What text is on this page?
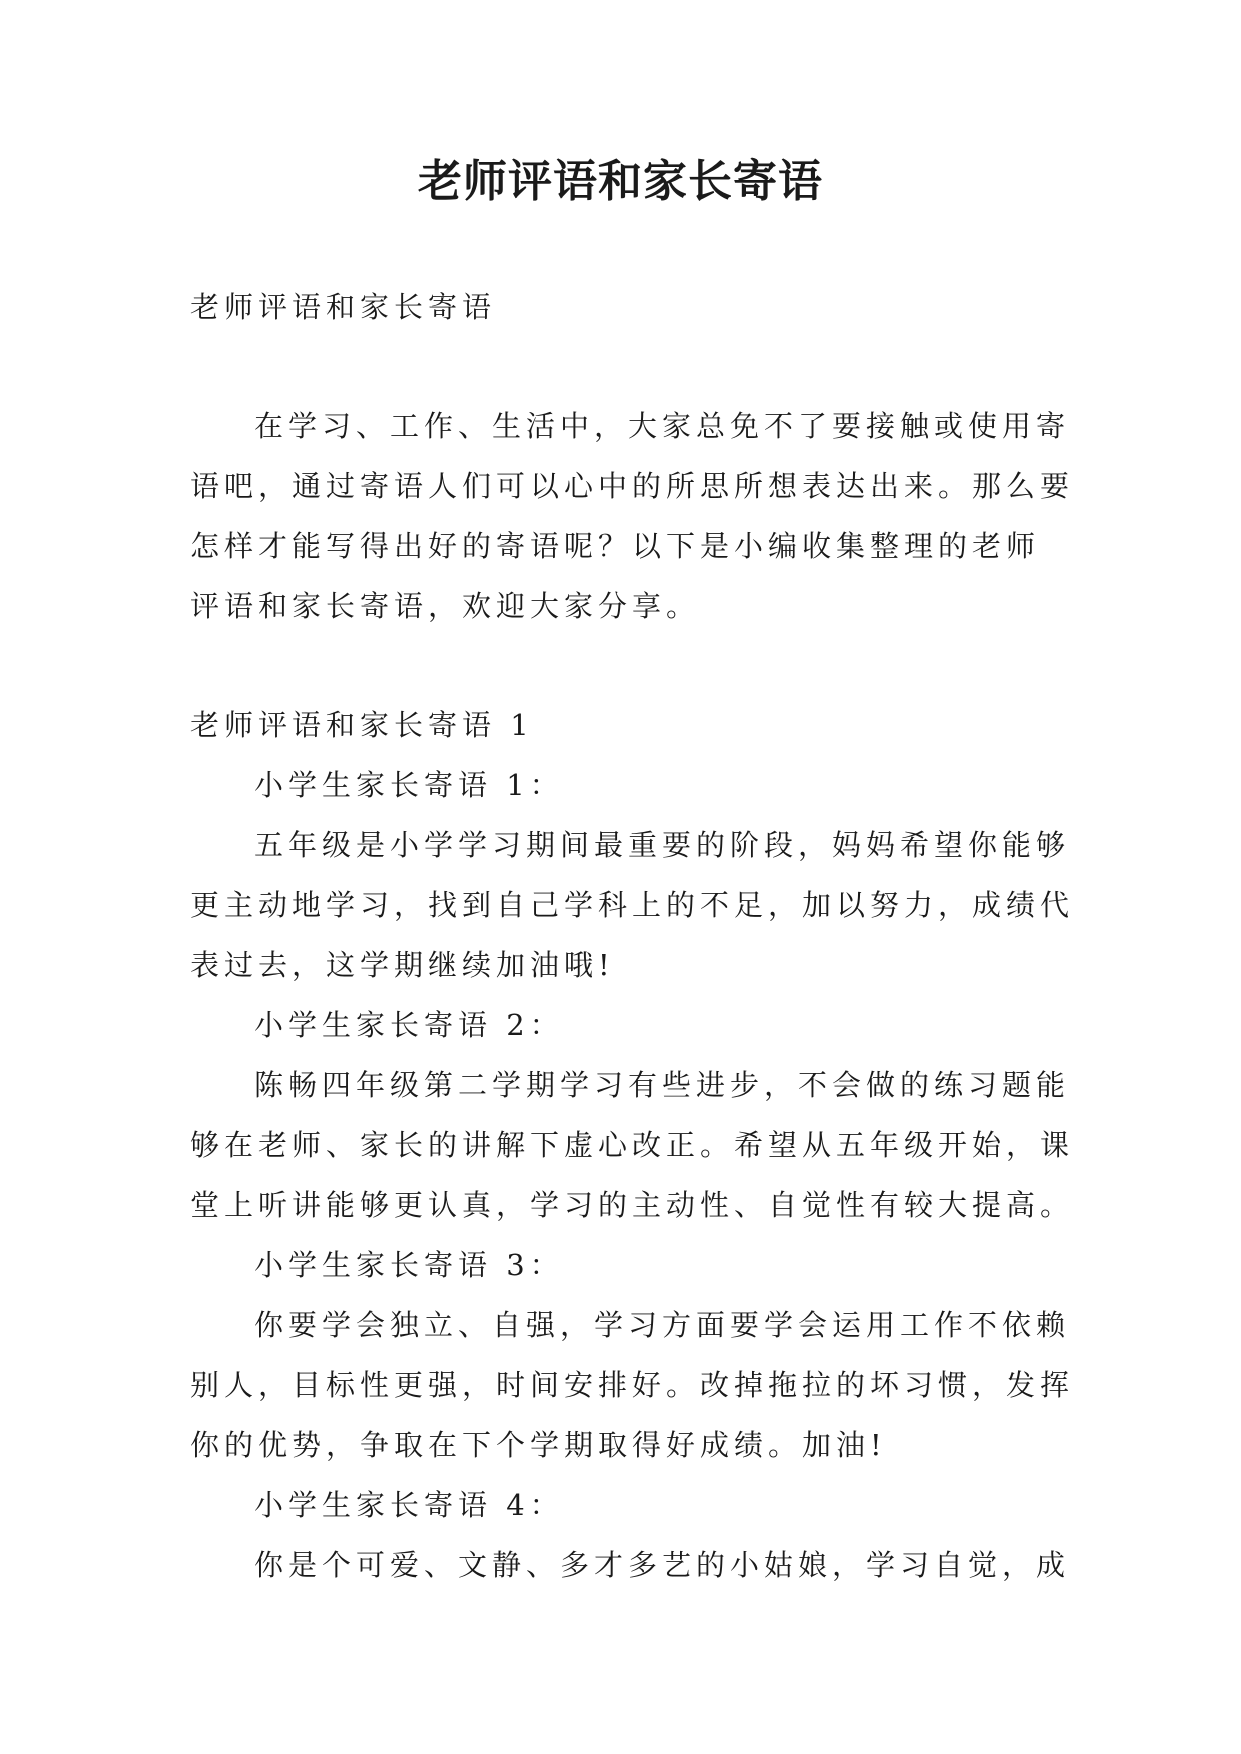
老师评语和家长寄语

老师评语和家长寄语

在学习、工作、生活中，大家总免不了要接触或使用寄

语吧，通过寄语人们可以心中的所思所想表达出来。那么要

怎样才能写得出好的寄语呢？以下是小编收集整理的老师

评语和家长寄语，欢迎大家分享。

老师评语和家长寄语 1

小学生家长寄语 1：

五年级是小学学习期间最重要的阶段，妈妈希望你能够

更主动地学习，找到自己学科上的不足，加以努力，成绩代

表过去，这学期继续加油哦!

小学生家长寄语 2：

陈畅四年级第二学期学习有些进步，不会做的练习题能

够在老师、家长的讲解下虚心改正。希望从五年级开始，课

堂上听讲能够更认真，学习的主动性、自觉性有较大提高。

小学生家长寄语 3：

你要学会独立、自强，学习方面要学会运用工作不依赖

别人，目标性更强，时间安排好。改掉拖拉的坏习惯，发挥

你的优势，争取在下个学期取得好成绩。加油!

小学生家长寄语 4：

你是个可爱、文静、多才多艺的小姑娘，学习自觉，成
